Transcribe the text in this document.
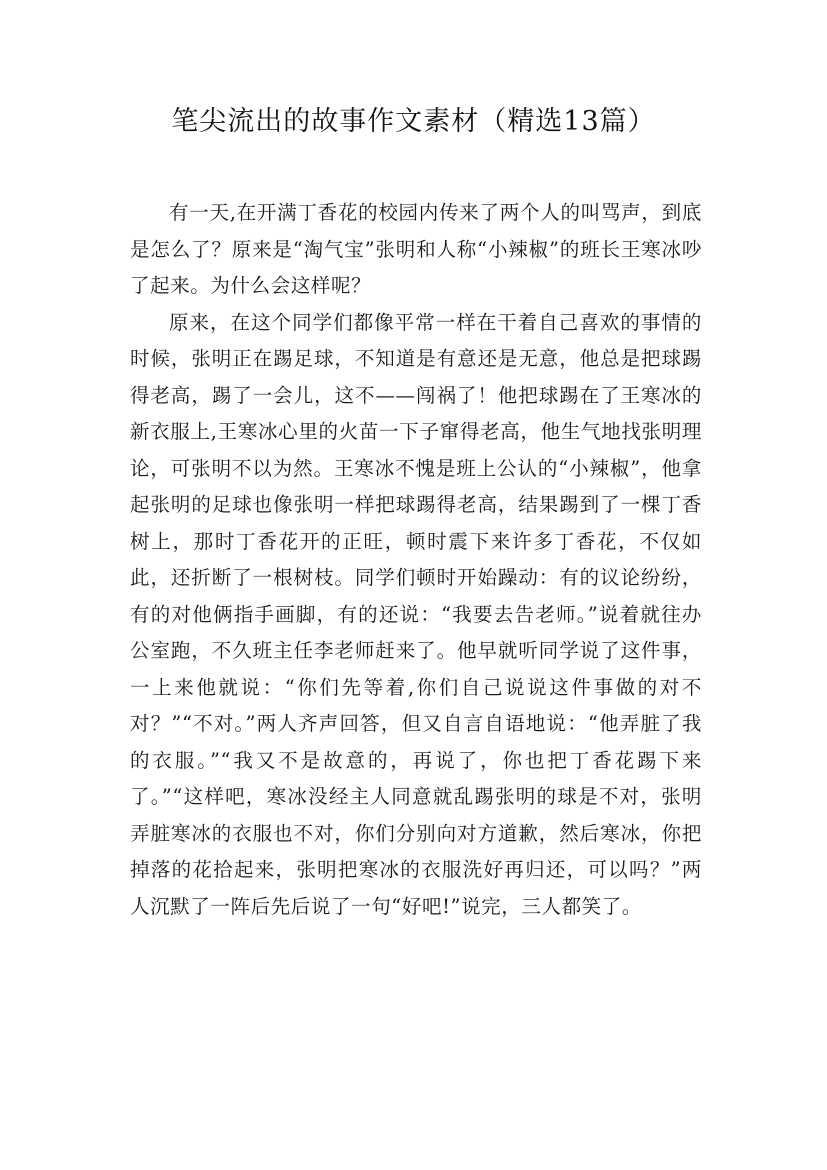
笔尖流出的故事作文素材（精选13篇）

有一天,在开满丁香花的校园内传来了两个人的叫骂声，到底是怎么了？原来是“淘气宝”张明和人称“小辣椒”的班长王寒冰吵了起来。为什么会这样呢？

原来，在这个同学们都像平常一样在干着自己喜欢的事情的时候，张明正在踢足球，不知道是有意还是无意，他总是把球踢得老高，踢了一会儿，这不——闯祸了！他把球踢在了王寒冰的新衣服上,王寒冰心里的火苗一下子窜得老高，他生气地找张明理论，可张明不以为然。王寒冰不愧是班上公认的“小辣椒”，他拿起张明的足球也像张明一样把球踢得老高，结果踢到了一棵丁香树上，那时丁香花开的正旺，顿时震下来许多丁香花，不仅如此，还折断了一根树枝。同学们顿时开始躁动：有的议论纷纷，有的对他俩指手画脚，有的还说：“我要去告老师。”说着就往办公室跑，不久班主任李老师赶来了。他早就听同学说了这件事，一上来他就说：“你们先等着,你们自己说说这件事做的对不对？”“不对。”两人齐声回答，但又自言自语地说：“他弄脏了我的衣服。”“我又不是故意的，再说了，你也把丁香花踢下来了。”“这样吧，寒冰没经主人同意就乱踢张明的球是不对，张明弄脏寒冰的衣服也不对，你们分别向对方道歉，然后寒冰，你把掉落的花拾起来，张明把寒冰的衣服洗好再归还，可以吗？”两人沉默了一阵后先后说了一句“好吧!”说完，三人都笑了。
